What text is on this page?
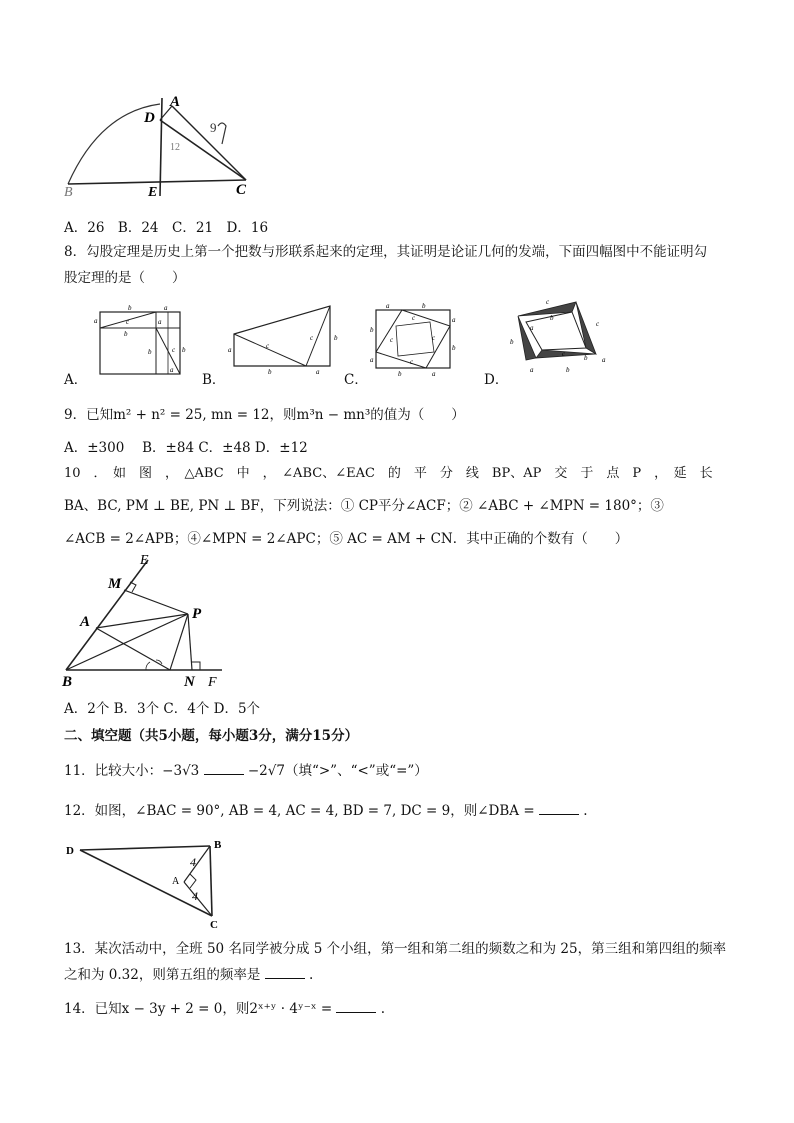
A
D
B	E	C
12
9
A．26　B．24　C．21　D．16
8．勾股定理是历史上第一个把数与形联系起来的定理，其证明是论证几何的发端，下面四幅图中不能证明勾
股定理的是（　　）
A．
b	a
a	c
b
a
b	c b
a
B．
a
b	a
c
c	b
C．
a	b
a
b
b
a
b	a
c
c
c
c
D．
c
c
b
a
b
c	b
a	b
a
9．已知m² + n² = 25, mn = 12，则m³n − mn³的值为（　　）
A．±300　 B．±84 C．±48 D．±12
10　．　如　图　，　△ABC　中　，　∠ABC、∠EAC　的　平　分　线　BP、AP　交　于　点　P　，　延　长
BA、BC, PM ⊥ BE, PN ⊥ BF，下列说法：① CP平分∠ACF；② ∠ABC + ∠MPN = 180°；③
∠ACB = 2∠APB；④∠MPN = 2∠APC；⑤ AC = AM + CN．其中正确的个数有（　　）
E
M
A	P
B	N F
A．2个 B．3个 C．4个 D．5个
二、填空题（共5小题，每小题3分，满分15分）
11．比较大小：−3√3	−2√7（填“>”、“<”或“=”）
12．如图，∠BAC = 90°, AB = 4, AC = 4, BD = 7, DC = 9，则∠DBA =	.
D	B
A
C
4
4
13．某次活动中，全班 50 名同学被分成 5 个小组，第一组和第二组的频数之和为 25，第三组和第四组的频率
之和为 0.32，则第五组的频率是	.
14．已知x − 3y + 2 = 0，则2ˣ⁺ʸ · 4ʸ⁻ˣ =	.
